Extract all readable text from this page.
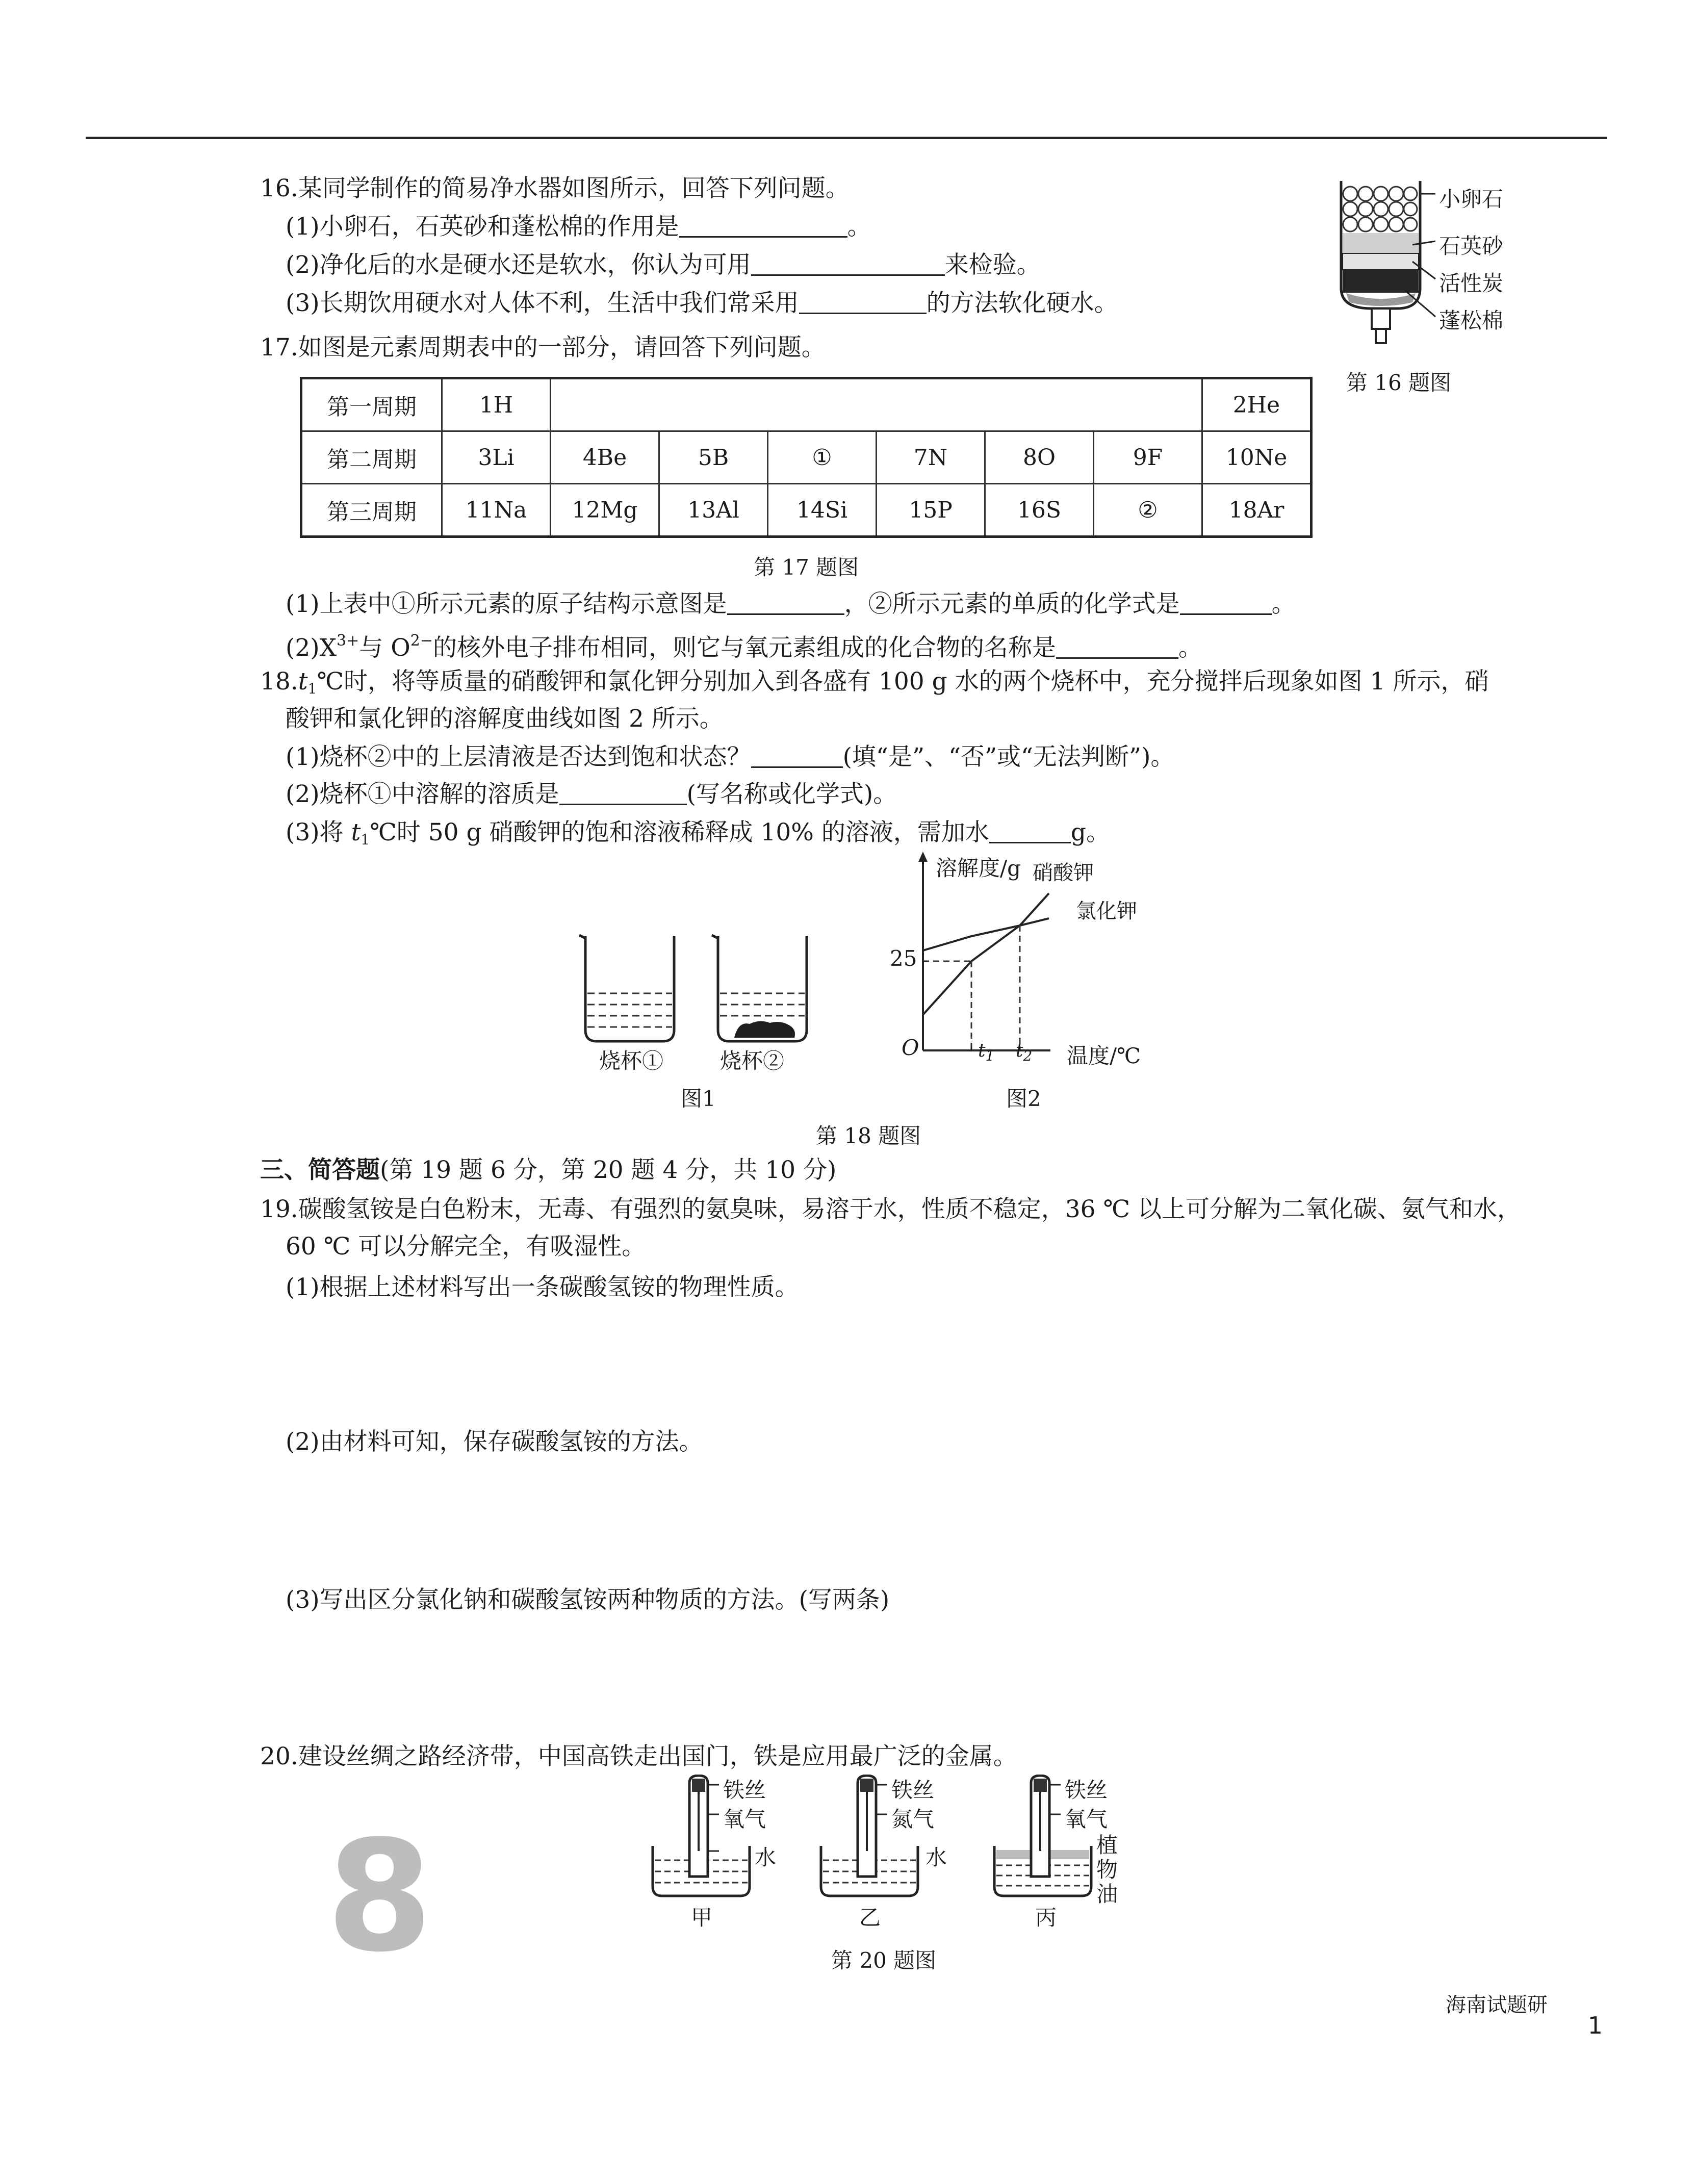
16.某同学制作的简易净水器如图所示，回答下列问题。
(1)小卵石，石英砂和蓬松棉的作用是	。
(2)净化后的水是硬水还是软水，你认为可用	来检验。
(3)长期饮用硬水对人体不利，生活中我们常采用	的方法软化硬水。
小卵石
石英砂
活性炭
蓬松棉
第 16 题图
17.如图是元素周期表中的一部分，请回答下列问题。
第一周期	1H							2He
第二周期	3Li	4Be	5B	①	7N	8O	9F	10Ne
第三周期	11Na	12Mg	13Al	14Si	15P	16S	②	18Ar
第 17 题图
(1)上表中①所示元素的原子结构示意图是	，②所示元素的单质的化学式是	。
$(2)X^{3+}$与 $O^{2-}$的核外电子排布相同，则它与氧元素组成的化合物的名称是	。
$18.t_1℃$时，将等质量的硝酸钾和氯化钾分别加入到各盛有 100 g 水的两个烧杯中，充分搅拌后现象如图 1 所示，硝
酸钾和氯化钾的溶解度曲线如图 2 所示。
(1)烧杯②中的上层清液是否达到饱和状态？	(填“是”、“否”或“无法判断”)。
(2)烧杯①中溶解的溶质是	(写名称或化学式)。
(3)将 $t_1℃$时 50 g 硝酸钾的饱和溶液稀释成 10% 的溶液，需加水	g。
烧杯①	烧杯②
图1
溶解度/g
温度/℃
O
25
$t_1$ $t_2$
硝酸钾
氯化钾
图2
第 18 题图
三、简答题(第 19 题 6 分，第 20 题 4 分，共 10 分)
19.碳酸氢铵是白色粉末，无毒、有强烈的氨臭味，易溶于水，性质不稳定，36 ℃ 以上可分解为二氧化碳、氨气和水，
60 ℃ 可以分解完全，有吸湿性。
(1)根据上述材料写出一条碳酸氢铵的物理性质。
(2)由材料可知，保存碳酸氢铵的方法。
(3)写出区分氯化钠和碳酸氢铵两种物质的方法。(写两条)
20.建设丝绸之路经济带，中国高铁走出国门，铁是应用最广泛的金属。
铁丝
氧气
水
甲
铁丝
氮气
水
乙
铁丝
氧气
植物油
丙
第 20 题图
8
海南试题研
1
